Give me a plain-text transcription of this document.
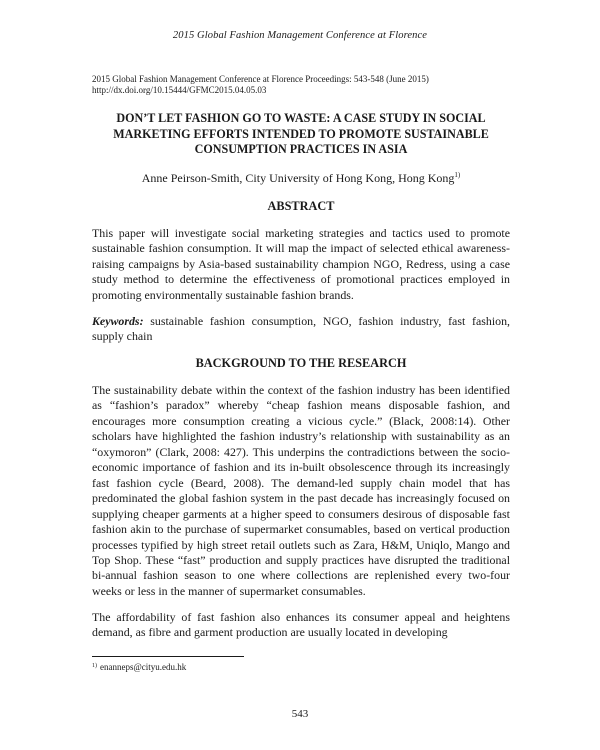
2015 Global Fashion Management Conference at Florence
2015 Global Fashion Management Conference at Florence Proceedings: 543-548 (June 2015)
http://dx.doi.org/10.15444/GFMC2015.04.05.03
DON’T LET FASHION GO TO WASTE: A CASE STUDY IN SOCIAL MARKETING EFFORTS INTENDED TO PROMOTE SUSTAINABLE CONSUMPTION PRACTICES IN ASIA
Anne Peirson-Smith, City University of Hong Kong, Hong Kong$^{1)}$
ABSTRACT

This paper will investigate social marketing strategies and tactics used to promote sustainable fashion consumption. It will map the impact of selected ethical awareness-raising campaigns by Asia-based sustainability champion NGO, Redress, using a case study method to determine the effectiveness of promotional practices employed in promoting environmentally sustainable fashion brands.

Keywords: sustainable fashion consumption, NGO, fashion industry, fast fashion, supply chain

BACKGROUND TO THE RESEARCH

The sustainability debate within the context of the fashion industry has been identified as “fashion’s paradox” whereby “cheap fashion means disposable fashion, and encourages more consumption creating a vicious cycle.” (Black, 2008:14). Other scholars have highlighted the fashion industry’s relationship with sustainability as an “oxymoron” (Clark, 2008: 427). This underpins the contradictions between the socio-economic importance of fashion and its in-built obsolescence through its increasingly fast fashion cycle (Beard, 2008). The demand-led supply chain model that has predominated the global fashion system in the past decade has increasingly focused on supplying cheaper garments at a higher speed to consumers desirous of disposable fast fashion akin to the purchase of supermarket consumables, based on vertical production processes typified by high street retail outlets such as Zara, H&M, Uniqlo, Mango and Top Shop. These “fast” production and supply practices have disrupted the traditional bi-annual fashion season to one where collections are replenished every two-four weeks or less in the manner of supermarket consumables.

The affordability of fast fashion also enhances its consumer appeal and heightens demand, as fibre and garment production are usually located in developing

$^{1)}$ enanneps@cityu.edu.hk
543
